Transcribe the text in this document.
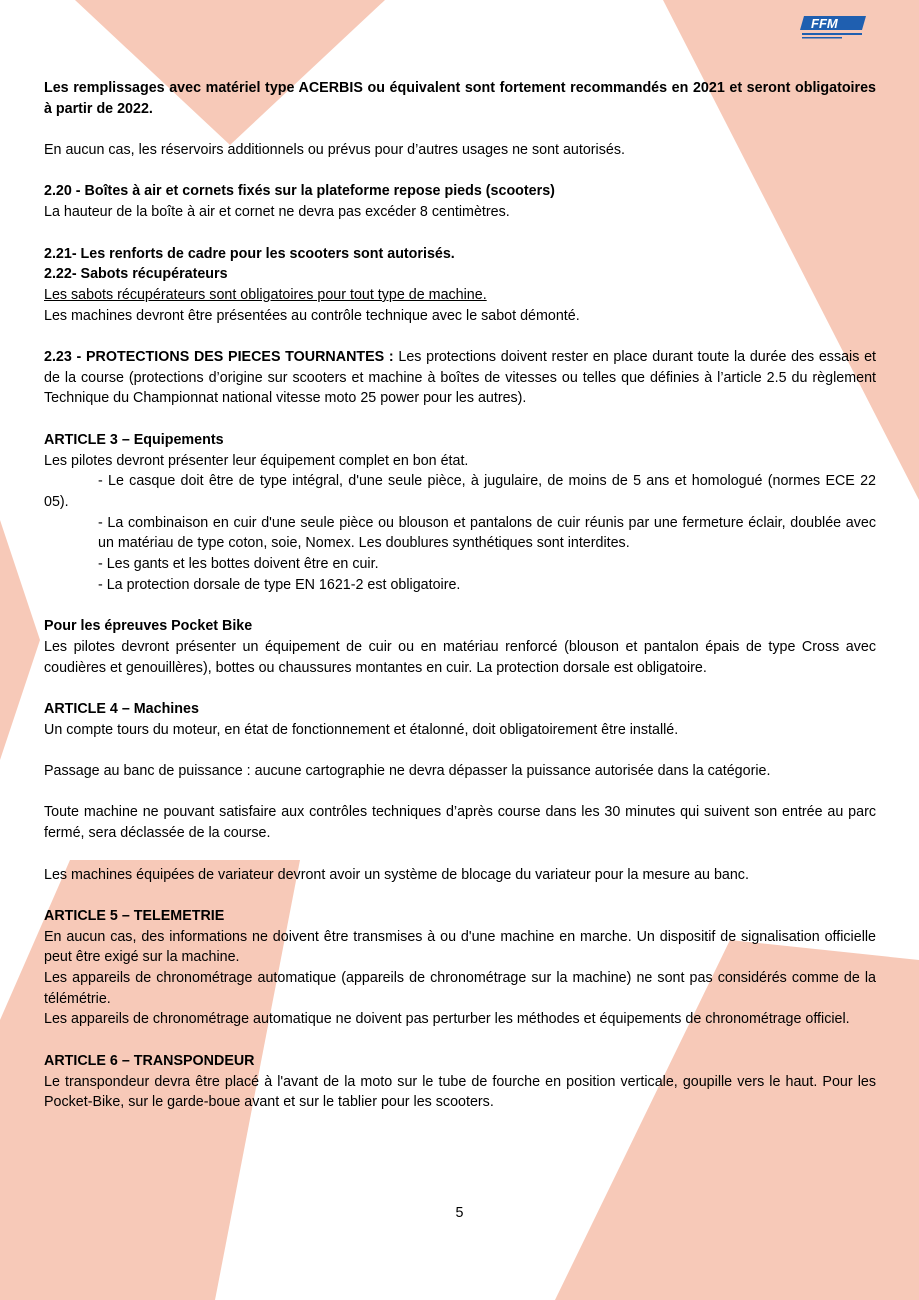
FFM

Les remplissages avec matériel type ACERBIS ou équivalent sont fortement recommandés en 2021 et seront obligatoires à partir de 2022.

En aucun cas, les réservoirs additionnels ou prévus pour d’autres usages ne sont autorisés.

2.20 - Boîtes à air et cornets fixés sur la plateforme repose pieds (scooters)

La hauteur de la boîte à air et cornet ne devra pas excéder 8 centimètres.

2.21- Les renforts de cadre pour les scooters sont autorisés.

2.22- Sabots récupérateurs

Les sabots récupérateurs sont obligatoires pour tout type de machine.

Les machines devront être présentées au contrôle technique avec le sabot démonté.

2.23 - PROTECTIONS DES PIECES TOURNANTES : Les protections doivent rester en place durant toute la durée des essais et de la course (protections d’origine sur scooters et machine à boîtes de vitesses ou telles que définies à l’article 2.5 du règlement Technique du Championnat national vitesse moto 25 power pour les autres).

ARTICLE 3 – Equipements

Les pilotes devront présenter leur équipement complet en bon état.

- Le casque doit être de type intégral, d'une seule pièce, à jugulaire, de moins de 5 ans et homologué (normes ECE 22 05).

- La combinaison en cuir d'une seule pièce ou blouson et pantalons de cuir réunis par une fermeture éclair, doublée avec un matériau de type coton, soie, Nomex. Les doublures synthétiques sont interdites.

- Les gants et les bottes doivent être en cuir.

- La protection dorsale de type EN 1621-2 est obligatoire.

Pour les épreuves Pocket Bike

Les pilotes devront présenter un équipement de cuir ou en matériau renforcé (blouson et pantalon épais de type Cross avec coudières et genouillères), bottes ou chaussures montantes en cuir. La protection dorsale est obligatoire.

ARTICLE 4 – Machines

Un compte tours du moteur, en état de fonctionnement et étalonné, doit obligatoirement être installé.

Passage au banc de puissance : aucune cartographie ne devra dépasser la puissance autorisée dans la catégorie.

Toute machine ne pouvant satisfaire aux contrôles techniques d’après course dans les 30 minutes qui suivent son entrée au parc fermé, sera déclassée de la course.

Les machines équipées de variateur devront avoir un système de blocage du variateur pour la mesure au banc.

ARTICLE 5 – TELEMETRIE

En aucun cas, des informations ne doivent être transmises à ou d'une machine en marche. Un dispositif de signalisation officielle peut être exigé sur la machine.

Les appareils de chronométrage automatique (appareils de chronométrage sur la machine) ne sont pas considérés comme de la télémétrie.

Les appareils de chronométrage automatique ne doivent pas perturber les méthodes et équipements de chronométrage officiel.

ARTICLE 6 – TRANSPONDEUR

Le transpondeur devra être placé à l'avant de la moto sur le tube de fourche en position verticale, goupille vers le haut. Pour les Pocket-Bike, sur le garde-boue avant et sur le tablier pour les scooters.

5
